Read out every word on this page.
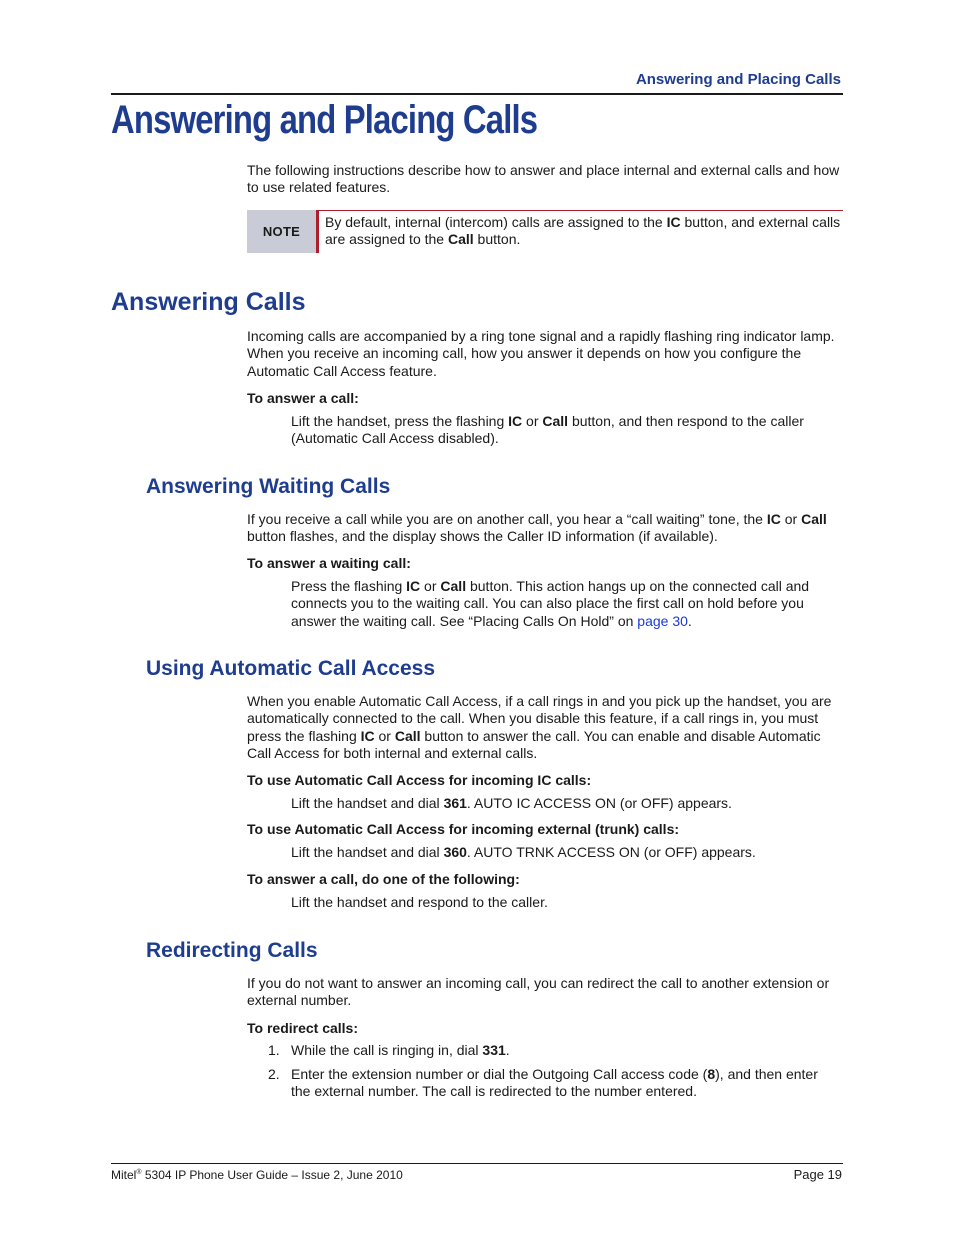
Answering and Placing Calls
Answering and Placing Calls
The following instructions describe how to answer and place internal and external calls and how
to use related features.
NOTE
By default, internal (intercom) calls are assigned to the IC button, and external calls
are assigned to the Call button.
Answering Calls
Incoming calls are accompanied by a ring tone signal and a rapidly flashing ring indicator lamp.
When you receive an incoming call, how you answer it depends on how you configure the
Automatic Call Access feature.
To answer a call:
Lift the handset, press the flashing IC or Call button, and then respond to the caller
(Automatic Call Access disabled).
Answering Waiting Calls
If you receive a call while you are on another call, you hear a “call waiting” tone, the IC or Call
button flashes, and the display shows the Caller ID information (if available).
To answer a waiting call:
Press the flashing IC or Call button. This action hangs up on the connected call and
connects you to the waiting call. You can also place the first call on hold before you
answer the waiting call. See “Placing Calls On Hold” on page 30.
Using Automatic Call Access
When you enable Automatic Call Access, if a call rings in and you pick up the handset, you are
automatically connected to the call. When you disable this feature, if a call rings in, you must
press the flashing IC or Call button to answer the call. You can enable and disable Automatic
Call Access for both internal and external calls.
To use Automatic Call Access for incoming IC calls:
Lift the handset and dial 361. AUTO IC ACCESS ON (or OFF) appears.
To use Automatic Call Access for incoming external (trunk) calls:
Lift the handset and dial 360. AUTO TRNK ACCESS ON (or OFF) appears.
To answer a call, do one of the following:
Lift the handset and respond to the caller.
Redirecting Calls
If you do not want to answer an incoming call, you can redirect the call to another extension or
external number.
To redirect calls:
1. While the call is ringing in, dial 331.
2. Enter the extension number or dial the Outgoing Call access code (8), and then enter
the external number. The call is redirected to the number entered.
Mitel® 5304 IP Phone User Guide – Issue 2, June 2010	Page 19
